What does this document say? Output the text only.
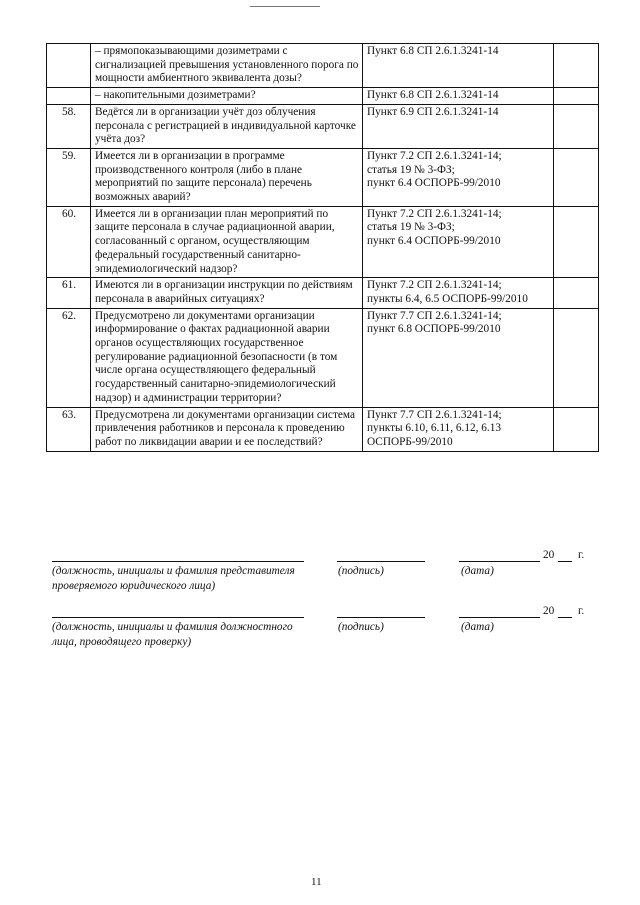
	– прямопоказывающими дозиметрами с сигнализацией превышения установленного порога по мощности амбиентного эквивалента дозы?	Пункт 6.8 СП 2.6.1.3241-14	
	– накопительными дозиметрами?	Пункт 6.8 СП 2.6.1.3241-14	
58.	Ведётся ли в организации учёт доз облучения персонала с регистрацией в индивидуальной карточке учёта доз?	Пункт 6.9 СП 2.6.1.3241-14	
59.	Имеется ли в организации в программе производственного контроля (либо в плане мероприятий по защите персонала) перечень возможных аварий?	Пункт 7.2 СП 2.6.1.3241-14;
статья 19 № 3-ФЗ;
пункт 6.4 ОСПОРБ-99/2010	

60.	Имеется ли в организации план мероприятий по защите персонала в случае радиационной аварии, согласованный с органом, осуществляющим федеральный государственный санитарно-эпидемиологический надзор?	Пункт 7.2 СП 2.6.1.3241-14;
статья 19 № 3-ФЗ;
пункт 6.4 ОСПОРБ-99/2010	

61.	Имеются ли в организации инструкции по действиям персонала в аварийных ситуациях?	Пункт 7.2 СП 2.6.1.3241-14;
пункты 6.4, 6.5 ОСПОРБ-99/2010	

62.	Предусмотрено ли документами организации информирование о фактах радиационной аварии органов осуществляющих государственное регулирование радиационной безопасности (в том числе органа осуществляющего федеральный государственный санитарно-эпидемиологический надзор) и администрации территории?	Пункт 7.7 СП 2.6.1.3241-14;
пункт 6.8 ОСПОРБ-99/2010	

63.	Предусмотрена ли документами организации система привлечения работников и персонала к проведению работ по ликвидации аварии и ее последствий?	Пункт 7.7 СП 2.6.1.3241-14;
пункты 6.10, 6.11, 6.12, 6.13
ОСПОРБ-99/2010	

20 г.
(должность, инициалы и фамилия представителя
проверяемого юридического лица)
(подпись)	(дата)
20 г.
(должность, инициалы и фамилия должностного
лица, проводящего проверку)
(подпись)	(дата)
11
